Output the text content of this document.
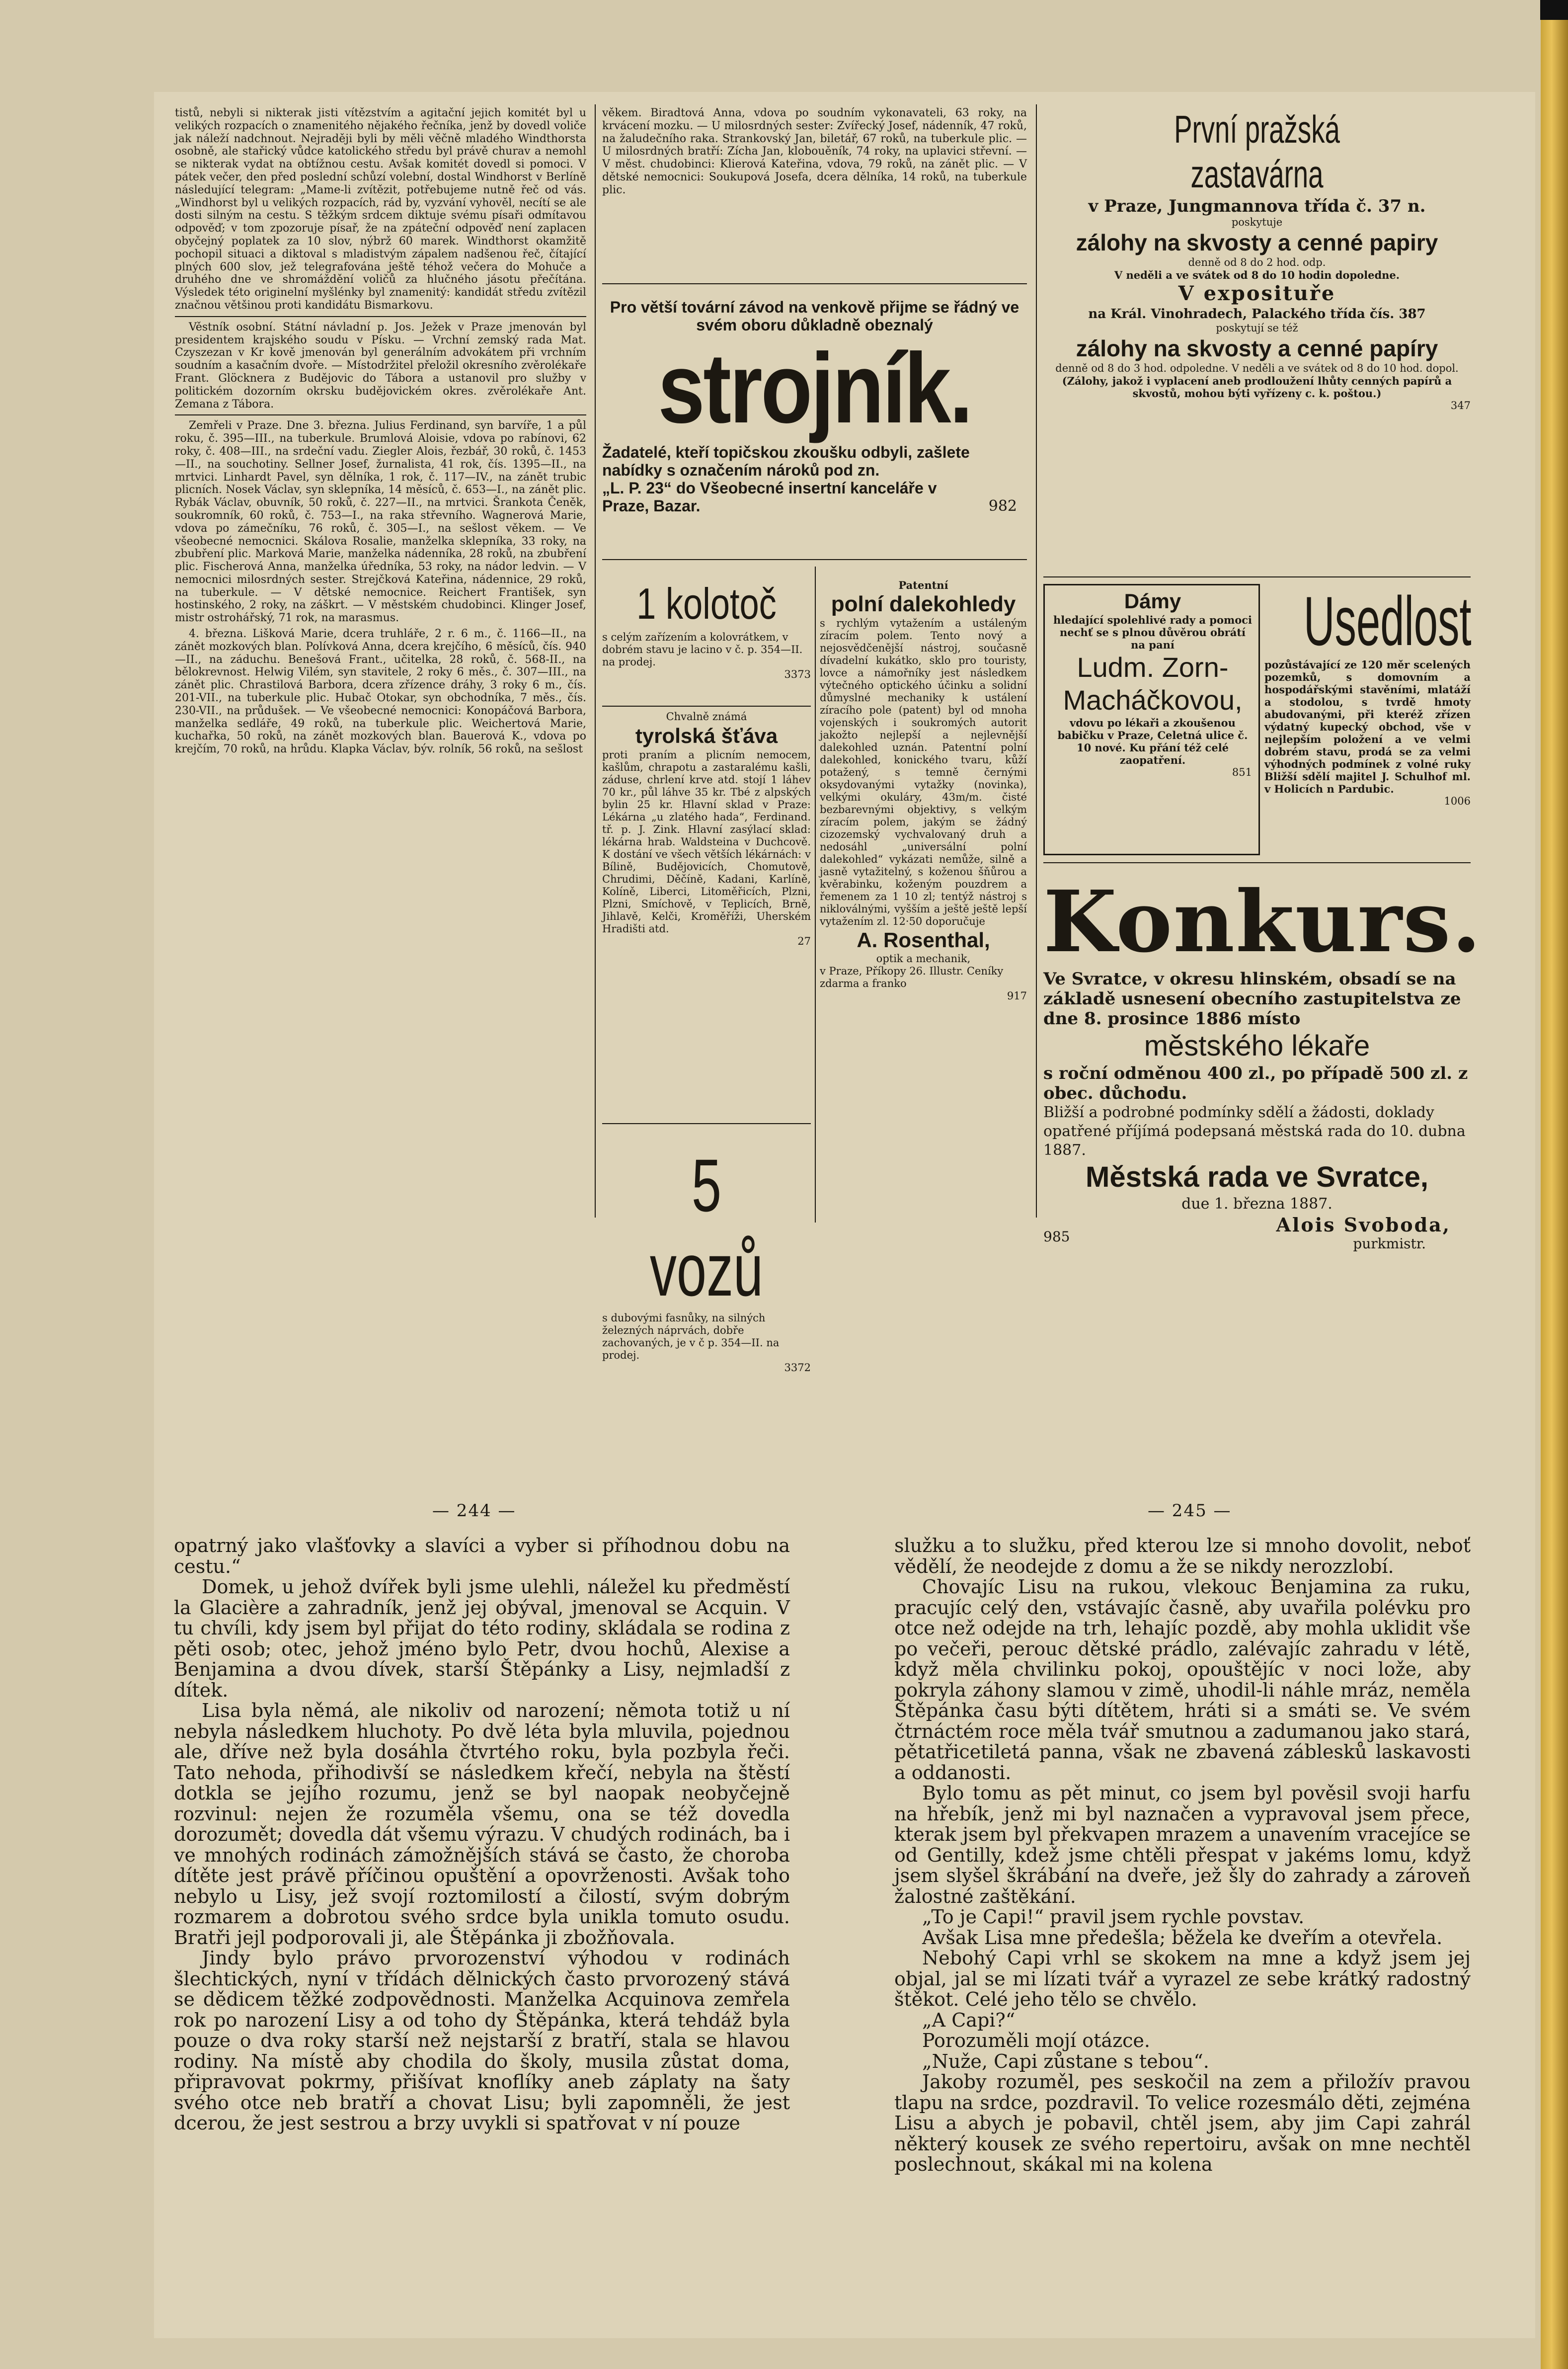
tistů, nebyli si nikterak jisti vítězstvím a agitační jejich komitét byl u velikých rozpacích o znamenitého nějakého řečníka, jenž by dovedl voliče jak náleží nadchnout. Nejraději byli by měli věčně mladého Windthorsta osobně, ale stařický vůdce katolického středu byl právě churav a nemohl se nikterak vydat na obtížnou cestu. Avšak komitét dovedl si pomoci. V pátek večer, den před poslední schůzí volební, dostal Windhorst v Berlíně následující telegram: „Mame-li zvítězit, potřebujeme nutně řeč od vás. „Windhorst byl u velikých rozpacích, rád by, vyzvání vyhověl, necítí se ale dosti silným na cestu. S těžkým srdcem diktuje svému písaři odmítavou odpověď; v tom zpozoruje písař, že na zpáteční odpověď není zaplacen obyčejný poplatek za 10 slov, nýbrž 60 marek. Windthorst okamžitě pochopil situaci a diktoval s mladistvým zápalem nadšenou řeč, čítající plných 600 slov, jež telegrafována ještě téhož večera do Mohuče a druhého dne ve shromáždění voličů za hlučného jásotu přečítána. Výsledek této originelní myšlénky byl znamenitý: kandidát středu zvítězil značnou většinou proti kandidátu Bismarkovu.

Věstník osobní. Státní návladní p. Jos. Ježek v Praze jmenován byl presidentem krajského soudu v Písku. — Vrchní zemský rada Mat. Czyszezan v Kr kově jmenován byl generálním advokátem při vrchním soudním a kasačním dvoře. — Místodržitel přeložil okresního zvěrolékaře Frant. Glöcknera z Budějovic do Tábora a ustanovil pro služby v politickém dozorním okrsku budějovickém okres. zvěrolékaře Ant. Zemana z Tábora.

Zemřeli v Praze. Dne 3. března. Julius Ferdinand, syn barvíře, 1 a půl roku, č. 395—III., na tuberkule. Brumlová Aloisie, vdova po rabínovi, 62 roky, č. 408—III., na srdeční vadu. Ziegler Alois, řezbář, 30 roků, č. 1453—II., na souchotiny. Sellner Josef, žurnalista, 41 rok, čís. 1395—II., na mrtvici. Linhardt Pavel, syn dělníka, 1 rok, č. 117—IV., na zánět trubic plicních. Nosek Václav, syn sklepníka, 14 měsíců, č. 653—I., na zánět plic. Rybák Václav, obuvník, 50 roků, č. 227—II., na mrtvici. Šrankota Čeněk, soukromník, 60 roků, č. 753—I., na raka střevního. Wagnerová Marie, vdova po zámečníku, 76 roků, č. 305—I., na sešlost věkem. — Ve všeobecné nemocnici. Skálova Rosalie, manželka sklepníka, 33 roky, na zbubření plic. Marková Marie, manželka nádenníka, 28 roků, na zbubření plic. Fischerová Anna, manželka úředníka, 53 roky, na nádor ledvin. — V nemocnici milosrdných sester. Strejčková Kateřina, nádennice, 29 roků, na tuberkule. — V dětské nemocnice. Reichert František, syn hostinského, 2 roky, na záškrt. — V městském chudobinci. Klinger Josef, mistr ostrohářský, 71 rok, na marasmus.

4. března. Lišková Marie, dcera truhláře, 2 r. 6 m., č. 1166—II., na zánět mozkových blan. Polívková Anna, dcera krejčího, 6 měsíců, čís. 940—II., na záduchu. Benešová Frant., učitelka, 28 roků, č. 568-II., na bělokrevnost. Helwig Vilém, syn stavitele, 2 roky 6 měs., č. 307—III., na zánět plic. Chrastilová Barbora, dcera zřízence dráhy, 3 roky 6 m., čís. 201-VII., na tuberkule plic. Hubač Otokar, syn obchodníka, 7 měs., čís. 230-VII., na průdušek. — Ve všeobecné nemocnici: Konopáčová Barbora, manželka sedláře, 49 roků, na tuberkule plic. Weichertová Marie, kuchařka, 50 roků, na zánět mozkových blan. Bauerová K., vdova po krejčím, 70 roků, na hrůdu. Klapka Václav, býv. rolník, 56 roků, na sešlost

věkem. Biradtová Anna, vdova po soudním vykonavateli, 63 roky, na krvácení mozku. — U milosrdných sester: Zvířecký Josef, nádenník, 47 roků, na žaludečního raka. Strankovský Jan, biletář, 67 roků, na tuberkule plic. — U milosrdných bratří: Zícha Jan, klobouěník, 74 roky, na uplavici střevní. — V měst. chudobinci: Klierová Kateřina, vdova, 79 roků, na zánět plic. — V dětské nemocnici: Soukupová Josefa, dcera dělníka, 14 roků, na tuberkule plic.

Pro větší tovární závod na venkově přijme se řádný ve svém oboru důkladně obeznalý
strojník.
Žadatelé, kteří topičskou zkoušku odbyli, zašlete nabídky s označením nároků pod zn.
„L. P. 23“ do Všeobecné insertní kanceláře v Praze, Bazar.	982
1 kolotoč
s celým zařízením a kolovrátkem, v dobrém stavu je lacino v č. p. 354—II. na prodej.
3373
Chvalně známá
tyrolská šťáva
proti praním a plicním nemocem, kašlům, chrapotu a zastaralému kašli, záduse, chrlení krve atd. stojí 1 láhev 70 kr., půl láhve 35 kr. Tbé z alpských bylin 25 kr. Hlavní sklad v Praze: Lékárna „u zlatého hada“, Ferdinand. tř. p. J. Zink. Hlavní zasýlací sklad: lékárna hrab. Waldsteina v Duchcově. K dostání ve všech větších lékárnách: v Bílině, Budějovicích, Chomutově, Chrudimi, Děčíně, Kadani, Karlíně, Kolíně, Liberci, Litoměřicích, Plzni, Plzni, Smíchově, v Teplicích, Brně, Jihlavě, Kelči, Kroměříži, Uherském Hradišti atd.
27
5 vozů
s dubovými fasnůky, na silných železných náprvách, dobře zachovaných, je v č p. 354—II. na prodej.
3372
Patentní
polní dalekohledy
s rychlým vytažením a ustáleným zíracím polem. Tento nový a nejosvědčenější nástroj, současně dívadelní kukátko, sklo pro touristy, lovce a námořníky jest následkem výtečného optického účinku a solidní důmyslné mechaniky k ustálení zíracího pole (patent) byl od mnoha vojenských i soukromých autorit jakožto nejlepší a nejlevnější dalekohled uznán. Patentní polní dalekohled, konického tvaru, kůží potažený, s temně černými oksydovanými vytažky (novinka), velkými okuláry, 43m/m. čisté bezbarevnými objektivy, s velkým zíracím polem, jakým se žádný cizozemský vychvalovaný druh a nedosáhl „universální polní dalekohled“ vykázati nemůže, silně a jasně vytažitelný, s koženou šňůrou a kvěrabinku, koženým pouzdrem a řemenem za 1 10 zl; tentýž nástroj s nikloválnými, vyšším a ještě ještě lepší vytažením zl. 12·50 doporučuje
A. Rosenthal,
optik a mechanik,
v Praze, Příkopy 26. Illustr. Ceníky zdarma a franko
917
První pražská zastavárna
v Praze, Jungmannova třída č. 37 n.
poskytuje
zálohy na skvosty a cenné papiry
denně od 8 do 2 hod. odp.
V neděli a ve svátek od 8 do 10 hodin dopoledne.
V exposituře
na Král. Vinohradech, Palackého třída čís. 387
poskytují se též
zálohy na skvosty a cenné papíry
denně od 8 do 3 hod. odpoledne. V neděli a ve svátek od 8 do 10 hod. dopol.
(Zálohy, jakož i vyplacení aneb prodloužení lhůty cenných papírů a skvostů, mohou býti vyřízeny c. k. poštou.)
347
Dámy
hledající spolehlivé rady a pomoci nechť se s plnou důvěrou obrátí na paní
Ludm. Zorn-Macháčkovou,
vdovu po lékaři a zkoušenou babičku v Praze, Celetná ulice č. 10 nové. Ku přání též celé zaopatření.
851
Usedlost
pozůstávající ze 120 měr scelených pozemků, s domovním a hospodářskými stavěními, mlatáží a stodolou, s tvrdě hmoty abudovanými, při kteréž zřízen výdatný kupecký obchod, vše v nejlepším položení a ve velmi dobrém stavu, prodá se za velmi výhodných podmínek z volné ruky Bližší sdělí majitel J. Schulhof ml. v Holicích n Pardubic.
1006
Konkurs.
Ve Svratce, v okresu hlinském, obsadí se na základě usnesení obecního zastupitelstva ze dne 8. prosince 1886 místo
městského lékaře
s roční odměnou 400 zl., po případě 500 zl. z obec. důchodu.
Bližší a podrobné podmínky sdělí a žádosti, doklady opatřené příjímá podepsaná městská rada do 10. dubna 1887.
Městská rada ve Svratce,
due 1. března 1887.
985
Alois Svoboda,
purkmistr.
— 244 —	— 245 —

opatrný jako vlašťovky a slavíci a vyber si příhodnou dobu na cestu.“

Domek, u jehož dvířek byli jsme ulehli, náležel ku předměstí la Glacière a zahradník, jenž jej obýval, jmenoval se Acquin. V tu chvíli, kdy jsem byl přijat do této rodiny, skládala se rodina z pěti osob; otec, jehož jméno bylo Petr, dvou hochů, Alexise a Benjamina a dvou dívek, starší Štěpánky a Lisy, nejmladší z dítek.

Lisa byla němá, ale nikoliv od narození; němota totiž u ní nebyla následkem hluchoty. Po dvě léta byla mluvila, pojednou ale, dříve než byla dosáhla čtvrtého roku, byla pozbyla řeči. Tato nehoda, přihodivší se následkem křečí, nebyla na štěstí dotkla se jejího rozumu, jenž se byl naopak neobyčejně rozvinul: nejen že rozuměla všemu, ona se též dovedla dorozumět; dovedla dát všemu výrazu. V chudých rodinách, ba i ve mnohých rodinách zámožnějších stává se často, že choroba dítěte jest právě příčinou opuštění a opovrženosti. Avšak toho nebylo u Lisy, jež svojí roztomilostí a čilostí, svým dobrým rozmarem a dobrotou svého srdce byla unikla tomuto osudu. Bratři jejl podporovali ji, ale Štěpánka ji zbožňovala.

Jindy bylo právo prvorozenství výhodou v rodinách šlechtických, nyní v třídách dělnických často prvorozený stává se dědicem těžké zodpovědnosti. Manželka Acquinova zemřela rok po narození Lisy a od toho dy Štěpánka, která tehdáž byla pouze o dva roky starší než nejstarší z bratří, stala se hlavou rodiny. Na místě aby chodila do školy, musila zůstat doma, připravovat pokrmy, přišívat knoflíky aneb záplaty na šaty svého otce neb bratří a chovat Lisu; byli zapomněli, že jest dcerou, že jest sestrou a brzy uvykli si spatřovat v ní pouze

služku a to služku, před kterou lze si mnoho dovolit, neboť vědělí, že neodejde z domu a že se nikdy nerozzlobí.

Chovajíc Lisu na rukou, vlekouc Benjamina za ruku, pracujíc celý den, vstávajíc časně, aby uvařila polévku pro otce než odejde na trh, lehajíc pozdě, aby mohla uklidit vše po večeři, perouc dětské prádlo, zalévajíc zahradu v létě, když měla chvilinku pokoj, opouštějíc v noci lože, aby pokryla záhony slamou v zimě, uhodil-li náhle mráz, neměla Štěpánka času býti dítětem, hráti si a smáti se. Ve svém čtrnáctém roce měla tvář smutnou a zadumanou jako stará, pětatřicetiletá panna, však ne zbavená záblesků laskavosti a oddanosti.

Bylo tomu as pět minut, co jsem byl pověsil svoji harfu na hřebík, jenž mi byl naznačen a vypravoval jsem přece, kterak jsem byl překvapen mrazem a unavením vracejíce se od Gentilly, kdež jsme chtěli přespat v jakéms lomu, když jsem slyšel škrábání na dveře, jež šly do zahrady a zároveň žalostné zaštěkání.

„To je Capi!“ pravil jsem rychle povstav.

Avšak Lisa mne předešla; běžela ke dveřím a otevřela.

Nebohý Capi vrhl se skokem na mne a když jsem jej objal, jal se mi lízati tvář a vyrazel ze sebe krátký radostný štěkot. Celé jeho tělo se chvělo.

„A Capi?“

Porozuměli mojí otázce.

„Nuže, Capi zůstane s tebou“.

Jakoby rozuměl, pes seskočil na zem a přiložív pravou tlapu na srdce, pozdravil. To velice rozesmálo děti, zejména Lisu a abych je pobavil, chtěl jsem, aby jim Capi zahrál některý kousek ze svého repertoiru, avšak on mne nechtěl poslechnout, skákal mi na kolena
